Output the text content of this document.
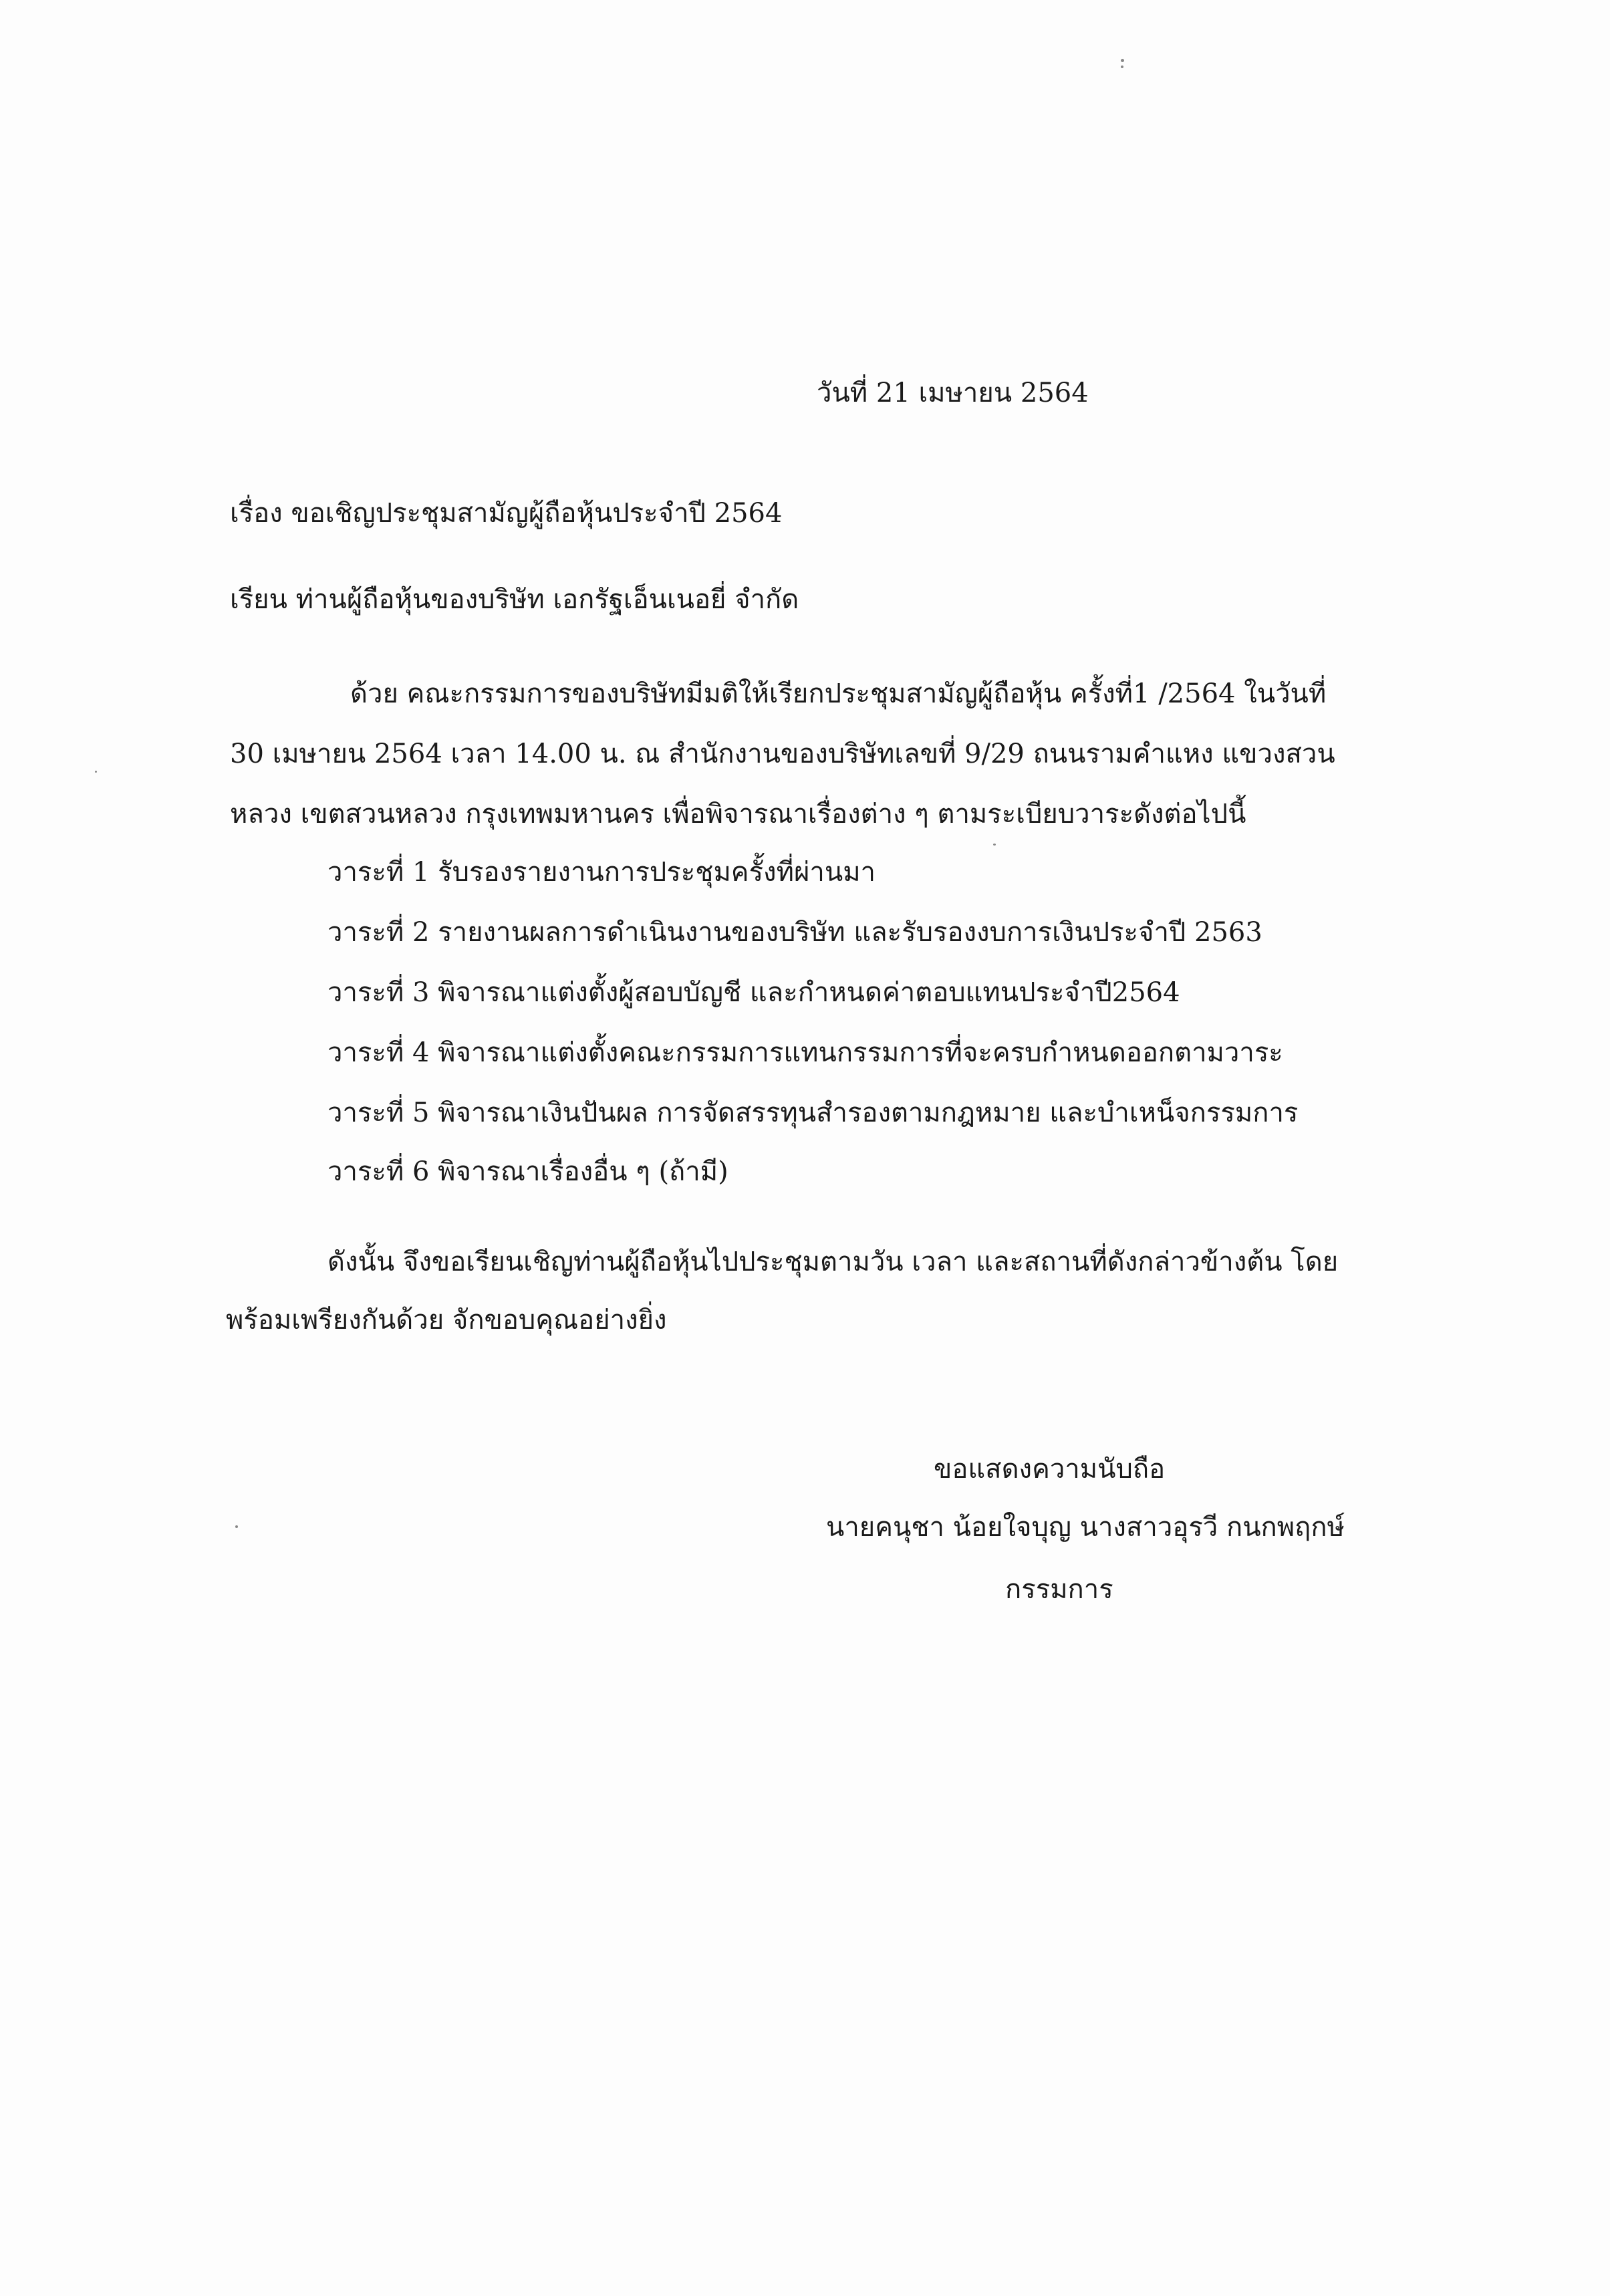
วันที่ 21 เมษายน 2564
เรื่อง ขอเชิญประชุมสามัญผู้ถือหุ้นประจำปี 2564
เรียน ท่านผู้ถือหุ้นของบริษัท เอกรัฐเอ็นเนอยี่ จำกัด
ด้วย คณะกรรมการของบริษัทมีมติให้เรียกประชุมสามัญผู้ถือหุ้น ครั้งที่1 /2564 ในวันที่
30 เมษายน 2564 เวลา 14.00 น. ณ สำนักงานของบริษัทเลขที่ 9/29 ถนนรามคำแหง แขวงสวน
หลวง เขตสวนหลวง กรุงเทพมหานคร เพื่อพิจารณาเรื่องต่าง ๆ ตามระเบียบวาระดังต่อไปนี้
วาระที่ 1 รับรองรายงานการประชุมครั้งที่ผ่านมา
วาระที่ 2 รายงานผลการดำเนินงานของบริษัท และรับรองงบการเงินประจำปี 2563
วาระที่ 3 พิจารณาแต่งตั้งผู้สอบบัญชี และกำหนดค่าตอบแทนประจำปี2564
วาระที่ 4 พิจารณาแต่งตั้งคณะกรรมการแทนกรรมการที่จะครบกำหนดออกตามวาระ
วาระที่ 5 พิจารณาเงินปันผล การจัดสรรทุนสำรองตามกฎหมาย และบำเหน็จกรรมการ
วาระที่ 6 พิจารณาเรื่องอื่น ๆ (ถ้ามี)
ดังนั้น จึงขอเรียนเชิญท่านผู้ถือหุ้นไปประชุมตามวัน เวลา และสถานที่ดังกล่าวข้างต้น โดย
พร้อมเพรียงกันด้วย จักขอบคุณอย่างยิ่ง
ขอแสดงความนับถือ
นายคนุชา น้อยใจบุญ นางสาวอุรวี กนกพฤกษ์
กรรมการ
